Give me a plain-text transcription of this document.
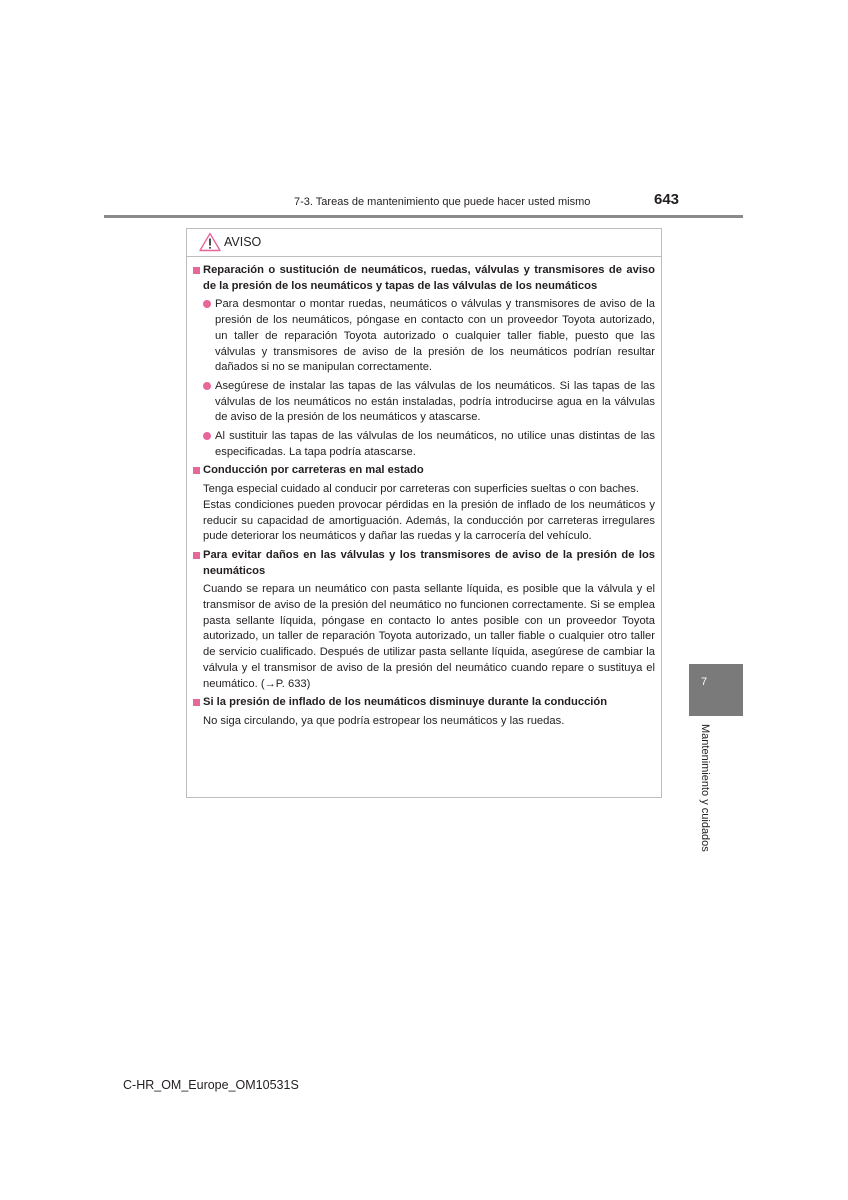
7-3. Tareas de mantenimiento que puede hacer usted mismo	643
7
Mantenimiento y cuidados
AVISO
Reparación o sustitución de neumáticos, ruedas, válvulas y transmisores de aviso de la presión de los neumáticos y tapas de las válvulas de los neumáticos
Para desmontar o montar ruedas, neumáticos o válvulas y transmisores de aviso de la presión de los neumáticos, póngase en contacto con un proveedor Toyota autorizado, un taller de reparación Toyota autorizado o cualquier taller fiable, puesto que las válvulas y transmisores de aviso de la presión de los neumáticos podrían resultar dañados si no se manipulan correctamente.
Asegúrese de instalar las tapas de las válvulas de los neumáticos. Si las tapas de las válvulas de los neumáticos no están instaladas, podría introducirse agua en la válvulas de aviso de la presión de los neumáticos y atascarse.
Al sustituir las tapas de las válvulas de los neumáticos, no utilice unas distintas de las especificadas. La tapa podría atascarse.
Conducción por carreteras en mal estado
Tenga especial cuidado al conducir por carreteras con superficies sueltas o con baches.
Estas condiciones pueden provocar pérdidas en la presión de inflado de los neumáticos y reducir su capacidad de amortiguación. Además, la conducción por carreteras irregulares pude deteriorar los neumáticos y dañar las ruedas y la carrocería del vehículo.
Para evitar daños en las válvulas y los transmisores de aviso de la presión de los neumáticos
Cuando se repara un neumático con pasta sellante líquida, es posible que la válvula y el transmisor de aviso de la presión del neumático no funcionen correctamente. Si se emplea pasta sellante líquida, póngase en contacto lo antes posible con un proveedor Toyota autorizado, un taller de reparación Toyota autorizado, un taller fiable o cualquier otro taller de servicio cualificado. Después de utilizar pasta sellante líquida, asegúrese de cambiar la válvula y el transmisor de aviso de la presión del neumático cuando repare o sustituya el neumático. (→P. 633)
Si la presión de inflado de los neumáticos disminuye durante la conducción
No siga circulando, ya que podría estropear los neumáticos y las ruedas.
C-HR_OM_Europe_OM10531S
